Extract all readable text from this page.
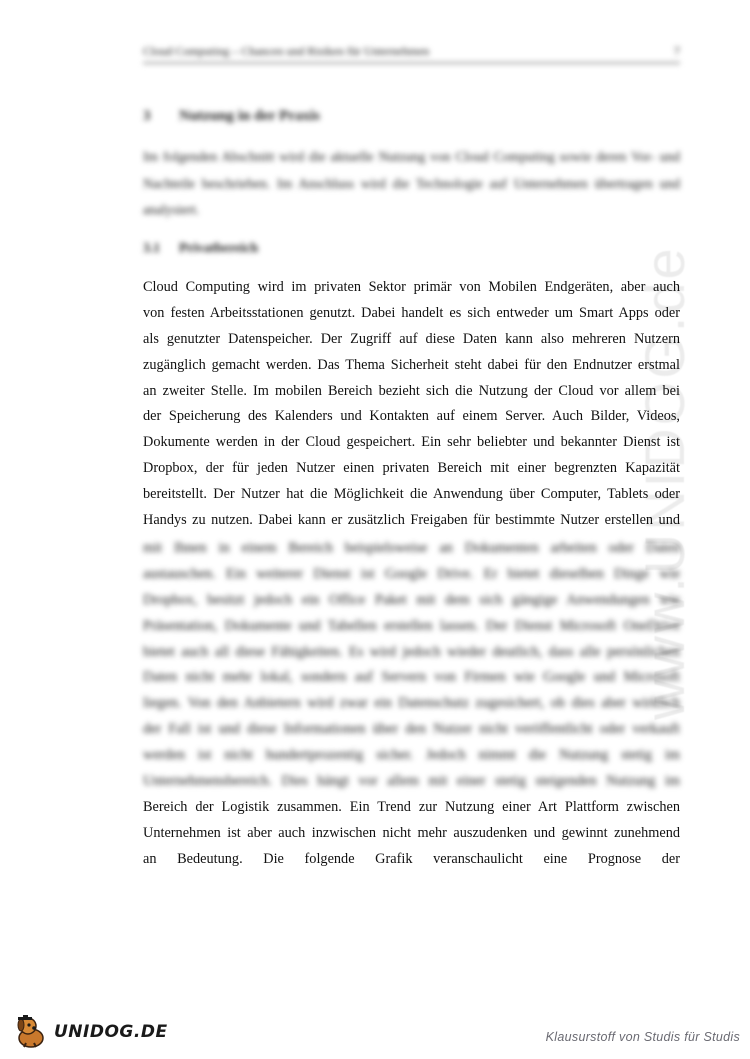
Cloud Computing – Chancen und Risiken für Unternehmen	7
3 Nutzung in der Praxis
Im folgenden Abschnitt wird die aktuelle Nutzung von Cloud Computing sowie deren Vor- und Nachteile beschrieben. Im Anschluss wird die Technologie auf Unternehmen übertragen und analysiert.
3.1 Privatbereich	www.UNIDOG.de
Cloud Computing wird im privaten Sektor primär von Mobilen Endgeräten, aber auch
von festen Arbeitsstationen genutzt. Dabei handelt es sich entweder um Smart Apps oder
als genutzter Datenspeicher. Der Zugriff auf diese Daten kann also mehreren Nutzern
zugänglich gemacht werden. Das Thema Sicherheit steht dabei für den Endnutzer erstmal
an zweiter Stelle. Im mobilen Bereich bezieht sich die Nutzung der Cloud vor allem bei
der Speicherung des Kalenders und Kontakten auf einem Server. Auch Bilder, Videos,
Dokumente werden in der Cloud gespeichert. Ein sehr beliebter und bekannter Dienst ist
Dropbox, der für jeden Nutzer einen privaten Bereich mit einer begrenzten Kapazität
bereitstellt. Der Nutzer hat die Möglichkeit die Anwendung über Computer, Tablets oder
Handys zu nutzen. Dabei kann er zusätzlich Freigaben für bestimmte Nutzer erstellen und
mit Ihnen in einem Bereich beispielsweise an Dokumenten arbeiten oder Daten
austauschen. Ein weiterer Dienst ist Google Drive. Er bietet dieselben Dinge wie
Dropbox, besitzt jedoch ein Office Paket mit dem sich gängige Anwendungen wie
Präsentation, Dokumente und Tabellen erstellen lassen. Der Dienst Microsoft OneDrive
bietet auch all diese Fähigkeiten. Es wird jedoch wieder deutlich, dass alle persönlichen
Daten nicht mehr lokal, sondern auf Servern von Firmen wie Google und Microsoft
liegen. Von den Anbietern wird zwar ein Datenschutz zugesichert, ob dies aber wirklich
der Fall ist und diese Informationen über den Nutzer nicht veröffentlicht oder verkauft
werden ist nicht hundertprozentig sicher. Jedoch nimmt die Nutzung stetig im
Unternehmensbereich. Dies hängt vor allem mit einer stetig steigenden Nutzung im
Bereich der Logistik zusammen. Ein Trend zur Nutzung einer Art Plattform zwischen
Unternehmen ist aber auch inzwischen nicht mehr auszudenken und gewinnt zunehmend
an Bedeutung. Die folgende Grafik veranschaulicht eine Prognose der
UNIDOG.DE	Klausurstoff von Studis für Studis
